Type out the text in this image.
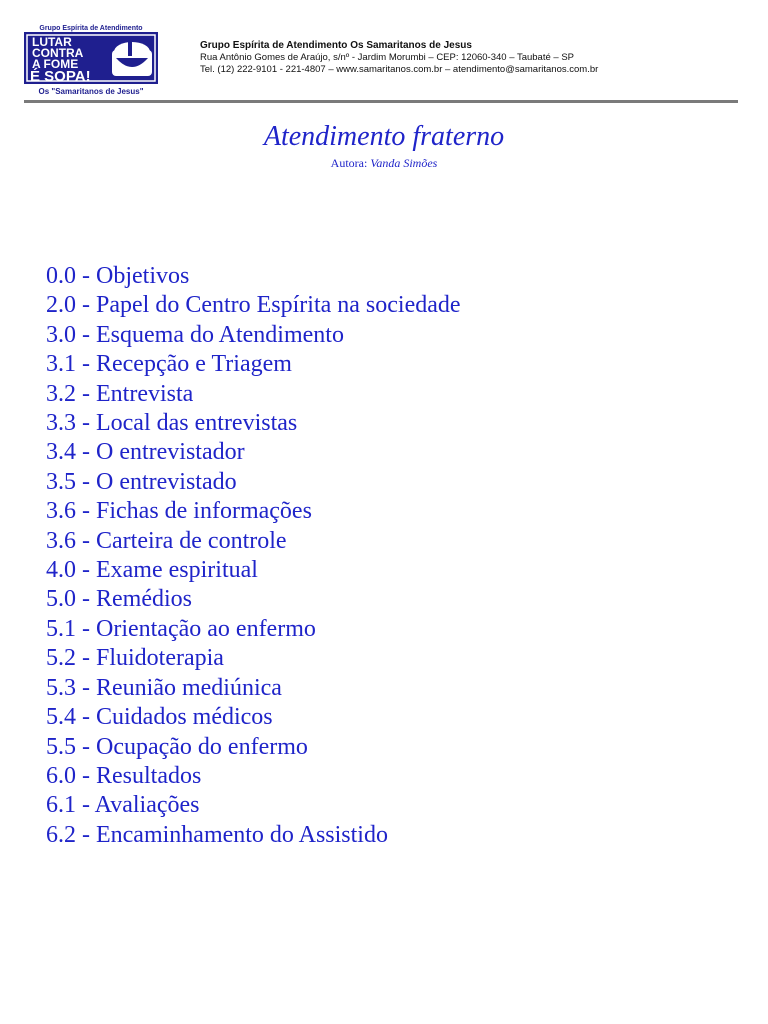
Grupo Espírita de Atendimento
LUTAR
CONTRA
A FOME
É SOPA!
Os "Samaritanos de Jesus"
Grupo Espírita de Atendimento Os Samaritanos de Jesus
Rua Antônio Gomes de Araújo, s/nº - Jardim Morumbi – CEP: 12060-340 – Taubaté – SP
Tel. (12) 222-9101 - 221-4807 – www.samaritanos.com.br – atendimento@samaritanos.com.br
Atendimento fraterno
Autora: Vanda Simões
0.0 - Objetivos
2.0 - Papel do Centro Espírita na sociedade
3.0 - Esquema do Atendimento
3.1 - Recepção e Triagem
3.2 - Entrevista
3.3 - Local das entrevistas
3.4 - O entrevistador
3.5 - O entrevistado
3.6 - Fichas de informações
3.6 - Carteira de controle
4.0 - Exame espiritual
5.0 - Remédios
5.1 - Orientação ao enfermo
5.2 - Fluidoterapia
5.3 - Reunião mediúnica
5.4 - Cuidados médicos
5.5 - Ocupação do enfermo
6.0 - Resultados
6.1 - Avaliações
6.2 - Encaminhamento do Assistido
